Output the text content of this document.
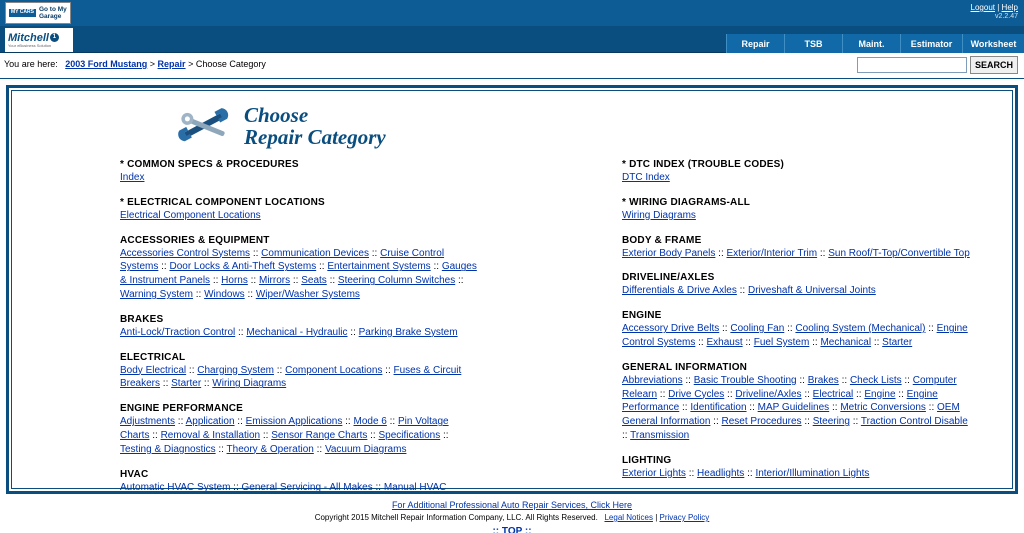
MY CARS Go to My
Garage
Logout | Help
v2.2.47
Mitchell 1
Your eBusiness Solution	Repair	TSB	Maint.	Estimator	Worksheet
You are here: 2003 Ford Mustang > Repair > Choose Category	SEARCH
Choose
Repair Category
* COMMON SPECS & PROCEDURES
Index
* ELECTRICAL COMPONENT LOCATIONS
Electrical Component Locations
ACCESSORIES & EQUIPMENT
Accessories Control Systems :: Communication Devices :: Cruise Control Systems :: Door Locks & Anti-Theft Systems :: Entertainment Systems :: Gauges & Instrument Panels :: Horns :: Mirrors :: Seats :: Steering Column Switches :: Warning System :: Windows :: Wiper/Washer Systems
BRAKES
Anti-Lock/Traction Control :: Mechanical - Hydraulic :: Parking Brake System
ELECTRICAL
Body Electrical :: Charging System :: Component Locations :: Fuses & Circuit Breakers :: Starter :: Wiring Diagrams
ENGINE PERFORMANCE
Adjustments :: Application :: Emission Applications :: Mode 6 :: Pin Voltage Charts :: Removal & Installation :: Sensor Range Charts :: Specifications :: Testing & Diagnostics :: Theory & Operation :: Vacuum Diagrams
HVAC
Automatic HVAC System :: General Servicing - All Makes :: Manual HVAC
* DTC INDEX (TROUBLE CODES)
DTC Index
* WIRING DIAGRAMS-ALL
Wiring Diagrams
BODY & FRAME
Exterior Body Panels :: Exterior/Interior Trim :: Sun Roof/T-Top/Convertible Top
DRIVELINE/AXLES
Differentials & Drive Axles :: Driveshaft & Universal Joints
ENGINE
Accessory Drive Belts :: Cooling Fan :: Cooling System (Mechanical) :: Engine Control Systems :: Exhaust :: Fuel System :: Mechanical :: Starter
GENERAL INFORMATION
Abbreviations :: Basic Trouble Shooting :: Brakes :: Check Lists :: Computer Relearn :: Drive Cycles :: Driveline/Axles :: Electrical :: Engine :: Engine Performance :: Identification :: MAP Guidelines :: Metric Conversions :: OEM General Information :: Reset Procedures :: Steering :: Traction Control Disable :: Transmission
LIGHTING
Exterior Lights :: Headlights :: Interior/Illumination Lights
For Additional Professional Auto Repair Services, Click Here
Copyright 2015 Mitchell Repair Information Company, LLC. All Rights Reserved. Legal Notices | Privacy Policy
:: TOP ::
